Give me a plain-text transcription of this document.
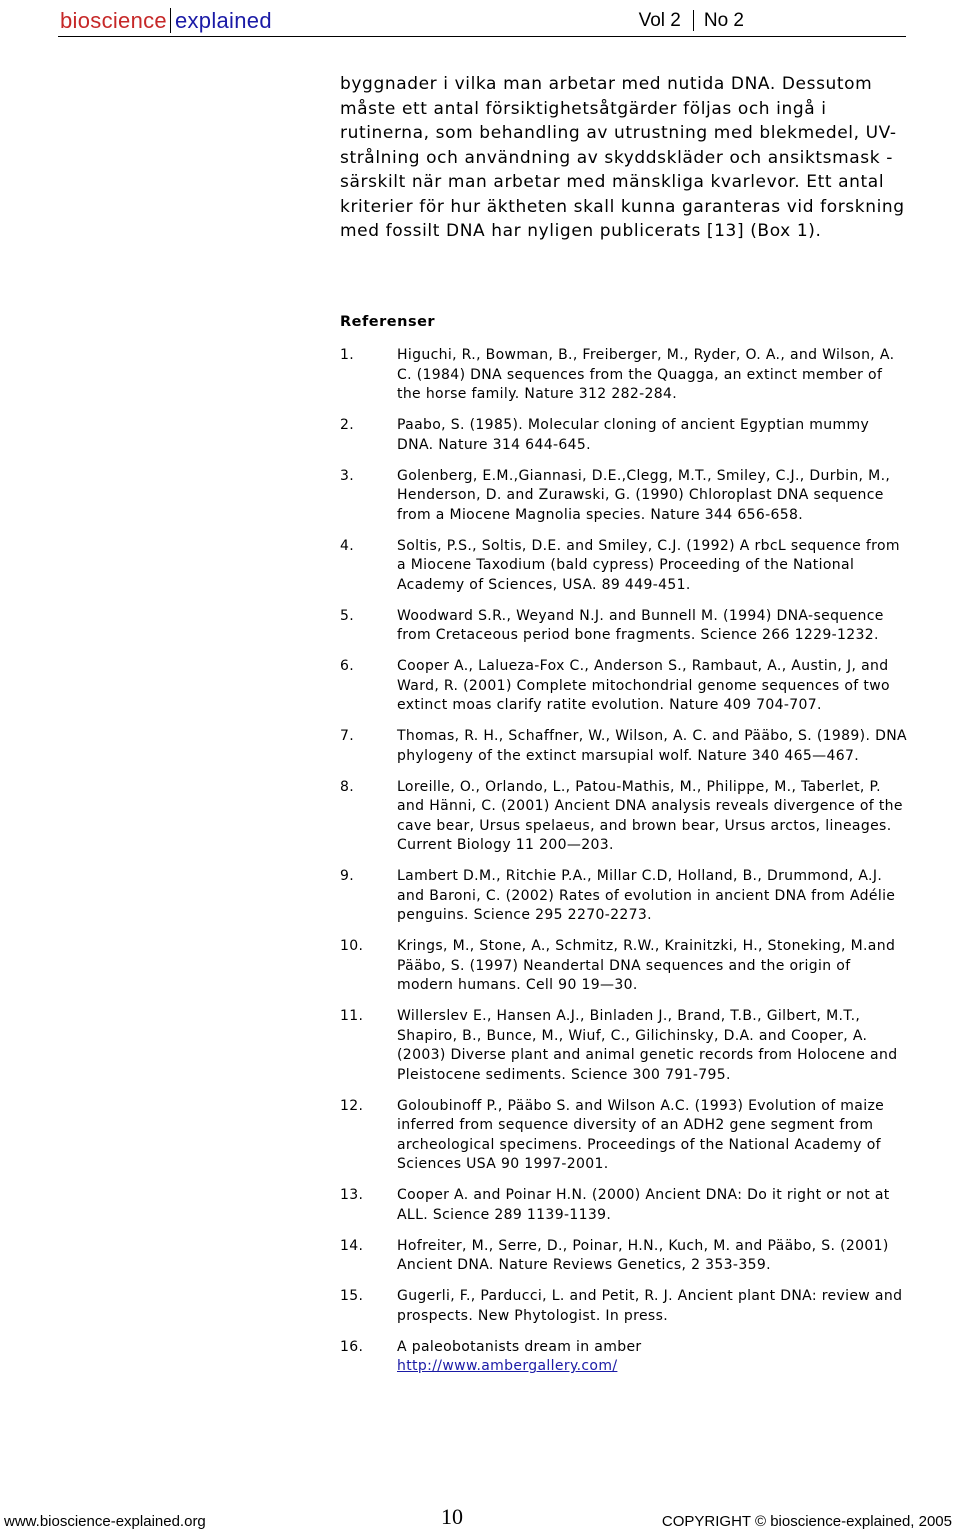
bioscience explained	Vol 2 No 2

byggnader i vilka man arbetar med nutida DNA. Dessutom måste ett antal försiktighetsåtgärder följas och ingå i rutinerna, som behandling av utrustning med blekmedel, UV-strålning och användning av skyddskläder och ansiktsmask - särskilt när man arbetar med mänskliga kvarlevor. Ett antal kriterier för hur äktheten skall kunna garanteras vid forskning med fossilt DNA har nyligen publicerats [13] (Box 1).

Referenser
1.	Higuchi, R., Bowman, B., Freiberger, M., Ryder, O. A., and Wilson, A. C. (1984) DNA sequences from the Quagga, an extinct member of the horse family. Nature 312 282-284.
2.	Paabo, S. (1985). Molecular cloning of ancient Egyptian mummy DNA. Nature 314 644-645.
3.	Golenberg, E.M.,Giannasi, D.E.,Clegg, M.T., Smiley, C.J., Durbin, M., Henderson, D. and Zurawski, G. (1990) Chloroplast DNA sequence from a Miocene Magnolia species. Nature 344 656-658.
4.	Soltis, P.S., Soltis, D.E. and Smiley, C.J. (1992) A rbcL sequence from a Miocene Taxodium (bald cypress) Proceeding of the National Academy of Sciences, USA. 89 449-451.
5.	Woodward S.R., Weyand N.J. and Bunnell M. (1994) DNA-sequence from Cretaceous period bone fragments. Science 266 1229-1232.
6.	Cooper A., Lalueza-Fox C., Anderson S., Rambaut, A., Austin, J, and Ward, R. (2001) Complete mitochondrial genome sequences of two extinct moas clarify ratite evolution. Nature 409 704-707.
7.	Thomas, R. H., Schaffner, W., Wilson, A. C. and Pääbo, S. (1989). DNA phylogeny of the extinct marsupial wolf. Nature 340 465—467.
8.	Loreille, O., Orlando, L., Patou-Mathis, M., Philippe, M., Taberlet, P. and Hänni, C. (2001) Ancient DNA analysis reveals divergence of the cave bear, Ursus spelaeus, and brown bear, Ursus arctos, lineages. Current Biology 11 200—203.
9.	Lambert D.M., Ritchie P.A., Millar C.D, Holland, B., Drummond, A.J. and Baroni, C. (2002) Rates of evolution in ancient DNA from Adélie penguins. Science 295 2270-2273.
10. Krings, M., Stone, A., Schmitz, R.W., Krainitzki, H., Stoneking, M.and Pääbo, S. (1997) Neandertal DNA sequences and the origin of modern humans. Cell 90 19—30.
11. Willerslev E., Hansen A.J., Binladen J., Brand, T.B., Gilbert, M.T., Shapiro, B., Bunce, M., Wiuf, C., Gilichinsky, D.A. and Cooper, A. (2003) Diverse plant and animal genetic records from Holocene and Pleistocene sediments. Science 300 791-795.
12. Goloubinoff P., Pääbo S. and Wilson A.C. (1993) Evolution of maize inferred from sequence diversity of an ADH2 gene segment from archeological specimens. Proceedings of the National Academy of Sciences USA 90 1997-2001.
13. Cooper A. and Poinar H.N. (2000) Ancient DNA: Do it right or not at ALL. Science 289 1139-1139.
14. Hofreiter, M., Serre, D., Poinar, H.N., Kuch, M. and Pääbo, S. (2001) Ancient DNA. Nature Reviews Genetics, 2 353-359.
15. Gugerli, F., Parducci, L. and Petit, R. J. Ancient plant DNA: review and prospects. New Phytologist. In press.
16. A paleobotanists dream in amber
http://www.ambergallery.com/
www.bioscience-explained.org	10	COPYRIGHT © bioscience-explained, 2005
